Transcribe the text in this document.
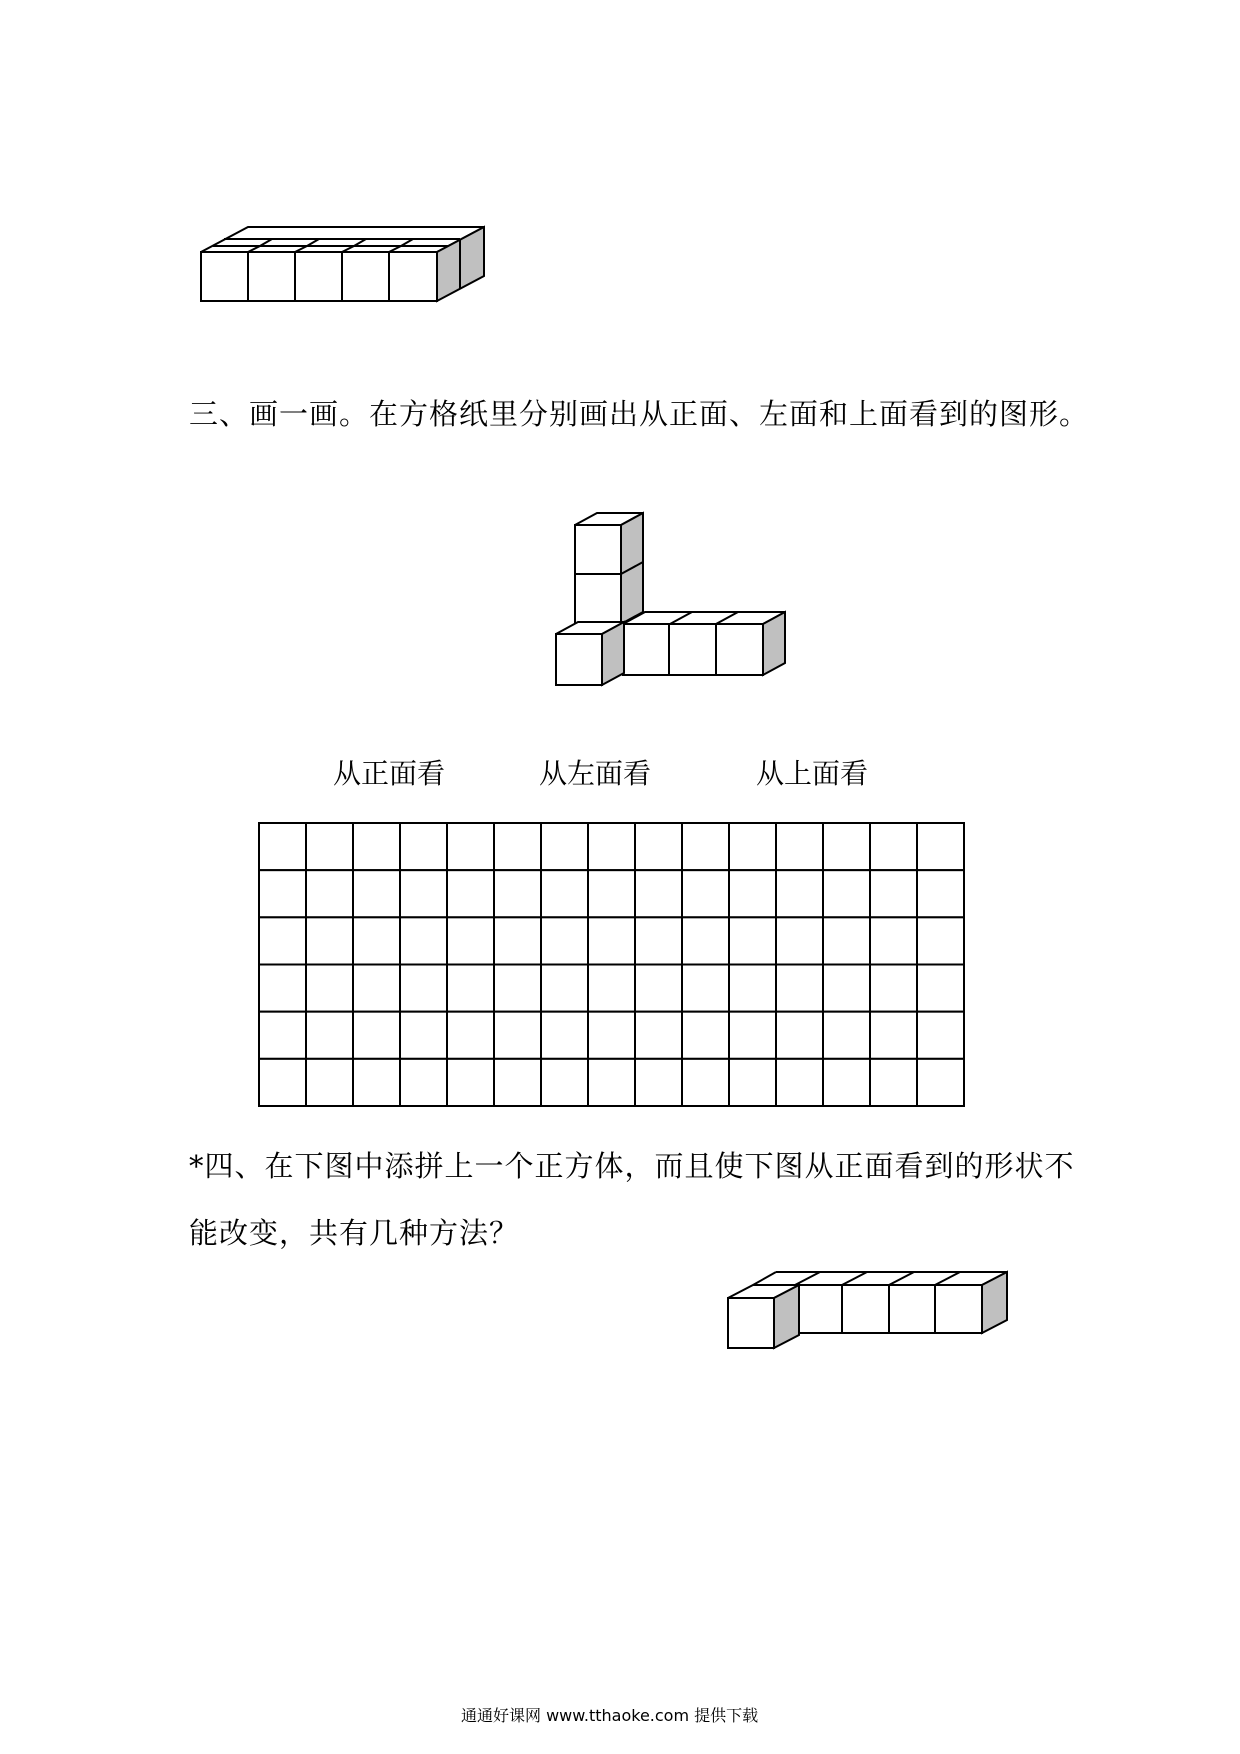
三、画一画。在方格纸里分别画出从正面、左面和上面看到的图形。
从正面看	从左面看	从上面看
*四、在下图中添拼上一个正方体，而且使下图从正面看到的形状不
能改变，共有几种方法？
通通好课网 www.tthaoke.com 提供下载
